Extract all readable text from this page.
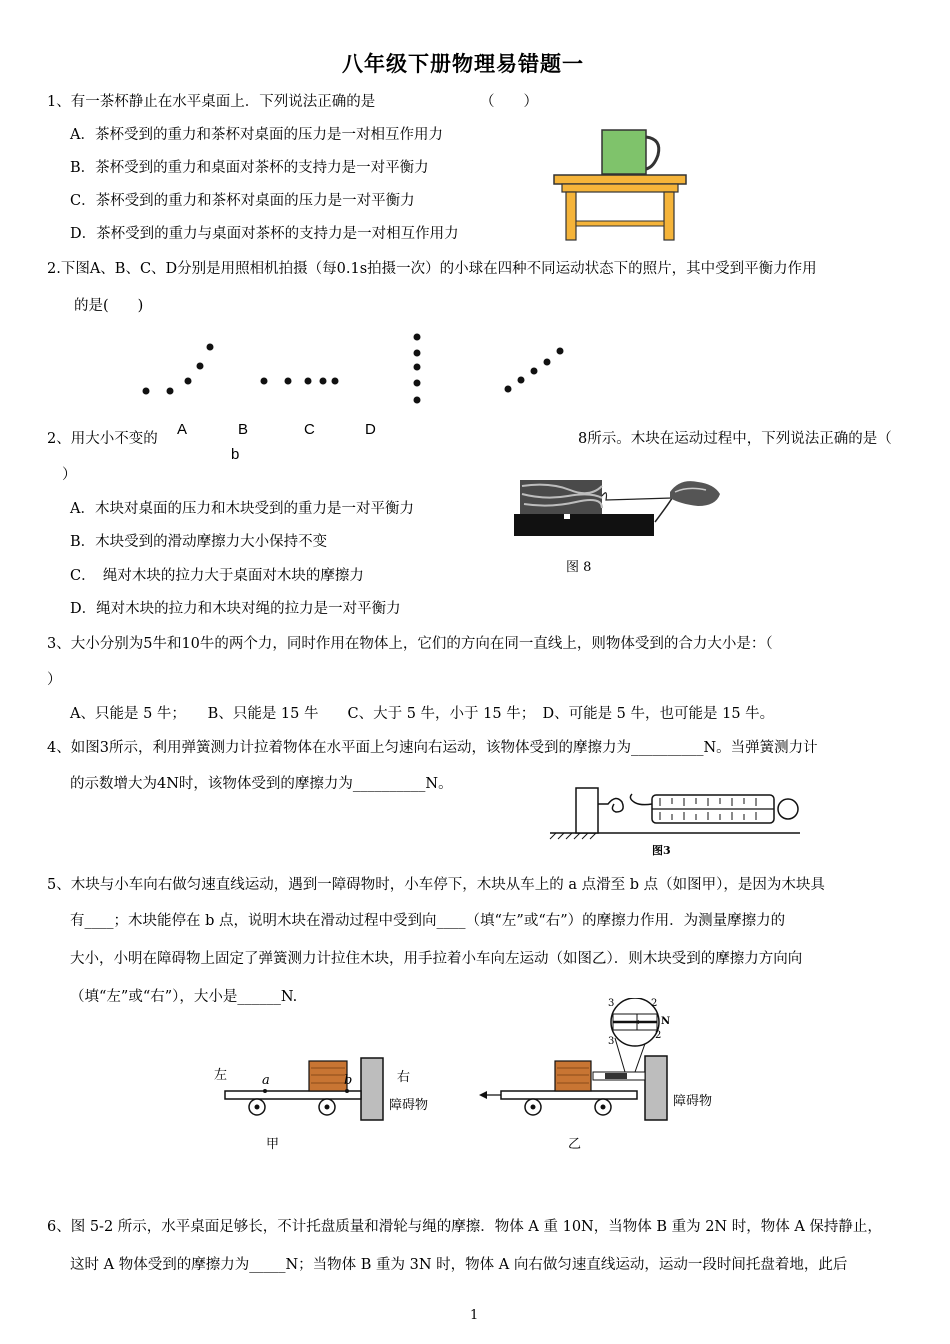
八年级下册物理易错题一
1、有一茶杯静止在水平桌面上．下列说法正确的是	（　　）
A．茶杯受到的重力和茶杯对桌面的压力是一对相互作用力
B．茶杯受到的重力和桌面对茶杯的支持力是一对平衡力
C．茶杯受到的重力和茶杯对桌面的压力是一对平衡力
D．茶杯受到的重力与桌面对茶杯的支持力是一对相互作用力
2.下图A、B、C、D分别是用照相机拍摄（每0.1s拍摄一次）的小球在四种不同运动状态下的照片，其中受到平衡力作用
的是(　　)
A	B	C	D
b
2、用大小不变的	8所示。木块在运动过程中，下列说法正确的是（
）
A．木块对桌面的压力和木块受到的重力是一对平衡力
B．木块受到的滑动摩擦力大小保持不变
C．　绳对木块的拉力大于桌面对木块的摩擦力
D．绳对木块的拉力和木块对绳的拉力是一对平衡力
图 8
3、大小分别为5牛和10牛的两个力，同时作用在物体上，它们的方向在同一直线上，则物体受到的合力大小是：（
）
A、只能是 5 牛；　　B、只能是 15 牛　　C、大于 5 牛，小于 15 牛；　D、可能是 5 牛，也可能是 15 牛。
4、如图3所示，利用弹簧测力计拉着物体在水平面上匀速向右运动，该物体受到的摩擦力为__________N。当弹簧测力计
的示数增大为4N时，该物体受到的摩擦力为__________N。
图3
5、木块与小车向右做匀速直线运动，遇到一障碍物时，小车停下，木块从车上的 a 点滑至 b 点（如图甲），是因为木块具
有____；木块能停在 b 点，说明木块在滑动过程中受到向____（填“左”或“右”）的摩擦力作用．为测量摩擦力的
大小，小明在障碍物上固定了弹簧测力计拉住木块，用手拉着小车向左运动（如图乙）．则木块受到的摩擦力方向向
（填“左”或“右”），大小是______N.
左	右
a	b
障碍物
甲
2
N
3
3
2
障碍物
乙
6、图 5-2 所示，水平桌面足够长，不计托盘质量和滑轮与绳的摩擦．物体 A 重 10N，当物体 B 重为 2N 时，物体 A 保持静止，
这时 A 物体受到的摩擦力为_____N；当物体 B 重为 3N 时，物体 A 向右做匀速直线运动，运动一段时间托盘着地，此后
1
